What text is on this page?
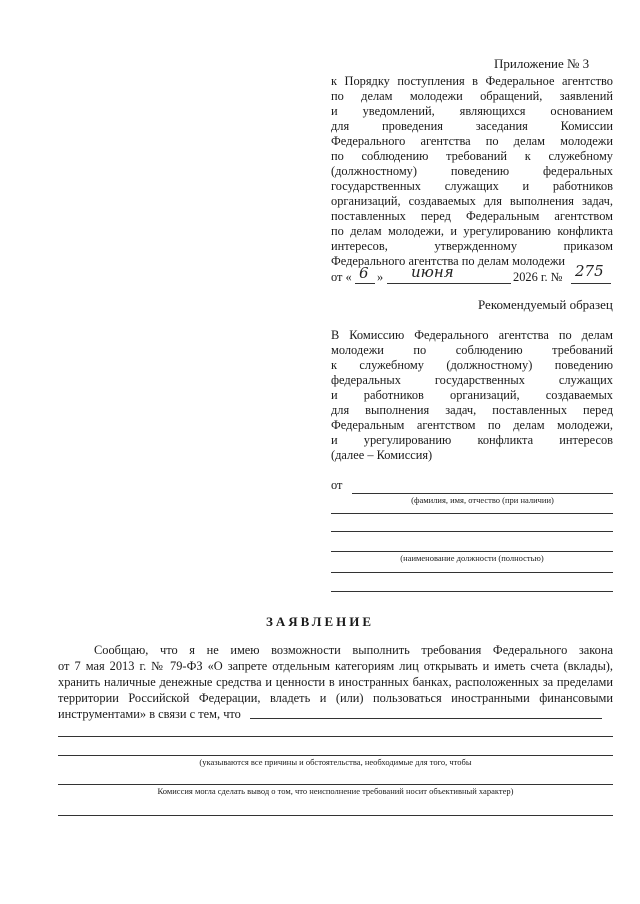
Приложение № 3
к Порядку поступления в Федеральное агентство
по делам молодежи обращений, заявлений
и уведомлений, являющихся основанием
для проведения заседания Комиссии
Федерального агентства по делам молодежи
по соблюдению требований к служебному
(должностному) поведению федеральных
государственных служащих и работников
организаций, создаваемых для выполнения задач,
поставленных перед Федеральным агентством
по делам молодежи, и урегулированию конфликта
интересов, утвержденному приказом
Федерального агентства по делам молодежи
от « 6 » июня	2026 г. № 275
Рекомендуемый образец
В Комиссию Федерального агентства по делам
молодежи по соблюдению требований
к служебному (должностному) поведению
федеральных государственных служащих
и работников организаций, создаваемых
для выполнения задач, поставленных перед
Федеральным агентством по делам молодежи,
и урегулированию конфликта интересов
(далее – Комиссия)
от
(фамилия, имя, отчество (при наличии)
(наименование должности (полностью)
ЗАЯВЛЕНИЕ
Сообщаю, что я не имею возможности выполнить требования Федерального закона
от 7 мая 2013 г. № 79-ФЗ «О запрете отдельным категориям лиц открывать и иметь счета (вклады),
хранить наличные денежные средства и ценности в иностранных банках, расположенных за пределами
территории Российской Федерации, владеть и (или) пользоваться иностранными финансовыми
инструментами» в связи с тем, что
(указываются все причины и обстоятельства, необходимые для того, чтобы
Комиссия могла сделать вывод о том, что неисполнение требований носит объективный характер)
